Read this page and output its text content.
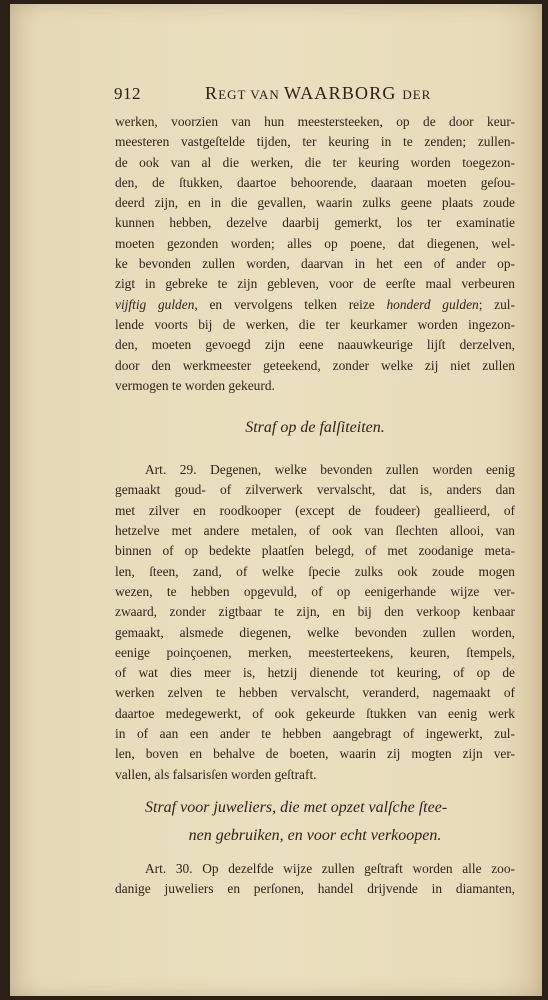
912	REGT VAN WAARBORG DER
werken, voorzien van hun meestersteeken, op de door keur-
meesteren vastgeſtelde tijden, ter keuring in te zenden; zullen-
de ook van al die werken, die ter keuring worden toegezon-
den, de ſtukken, daartoe behoorende, daaraan moeten geſou-
deerd zijn, en in die gevallen, waarin zulks geene plaats zoude
kunnen hebben, dezelve daarbij gemerkt, los ter examinatie
moeten gezonden worden; alles op poene, dat diegenen, wel-
ke bevonden zullen worden, daarvan in het een of ander op-
zigt in gebreke te zijn gebleven, voor de eerſte maal verbeuren
vijftig gulden, en vervolgens telken reize honderd gulden; zul-
lende voorts bij de werken, die ter keurkamer worden ingezon-
den, moeten gevoegd zijn eene naauwkeurige lijſt derzelven,
door den werkmeester geteekend, zonder welke zij niet zullen
vermogen te worden gekeurd.
Straf op de falſiteiten.
Art. 29. Degenen, welke bevonden zullen worden eenig
gemaakt goud- of zilverwerk vervalscht, dat is, anders dan
met zilver en roodkooper (except de foudeer) geallieerd, of
hetzelve met andere metalen, of ook van ſlechten allooi, van
binnen of op bedekte plaatſen belegd, of met zoodanige meta-
len, ſteen, zand, of welke ſpecie zulks ook zoude mogen
wezen, te hebben opgevuld, of op eenigerhande wijze ver-
zwaard, zonder zigtbaar te zijn, en bij den verkoop kenbaar
gemaakt, alsmede diegenen, welke bevonden zullen worden,
eenige poinçoenen, merken, meesterteekens, keuren, ſtempels,
of wat dies meer is, hetzij dienende tot keuring, of op de
werken zelven te hebben vervalscht, veranderd, nagemaakt of
daartoe medegewerkt, of ook gekeurde ſtukken van eenig werk
in of aan een ander te hebben aangebragt of ingewerkt, zul-
len, boven en behalve de boeten, waarin zij mogten zijn ver-
vallen, als falsarisſen worden geſtraft.
Straf voor juweliers, die met opzet valſche ſtee-
nen gebruiken, en voor echt verkoopen.
Art. 30. Op dezelfde wijze zullen geſtraft worden alle zoo-
danige juweliers en perſonen, handel drijvende in diamanten,
